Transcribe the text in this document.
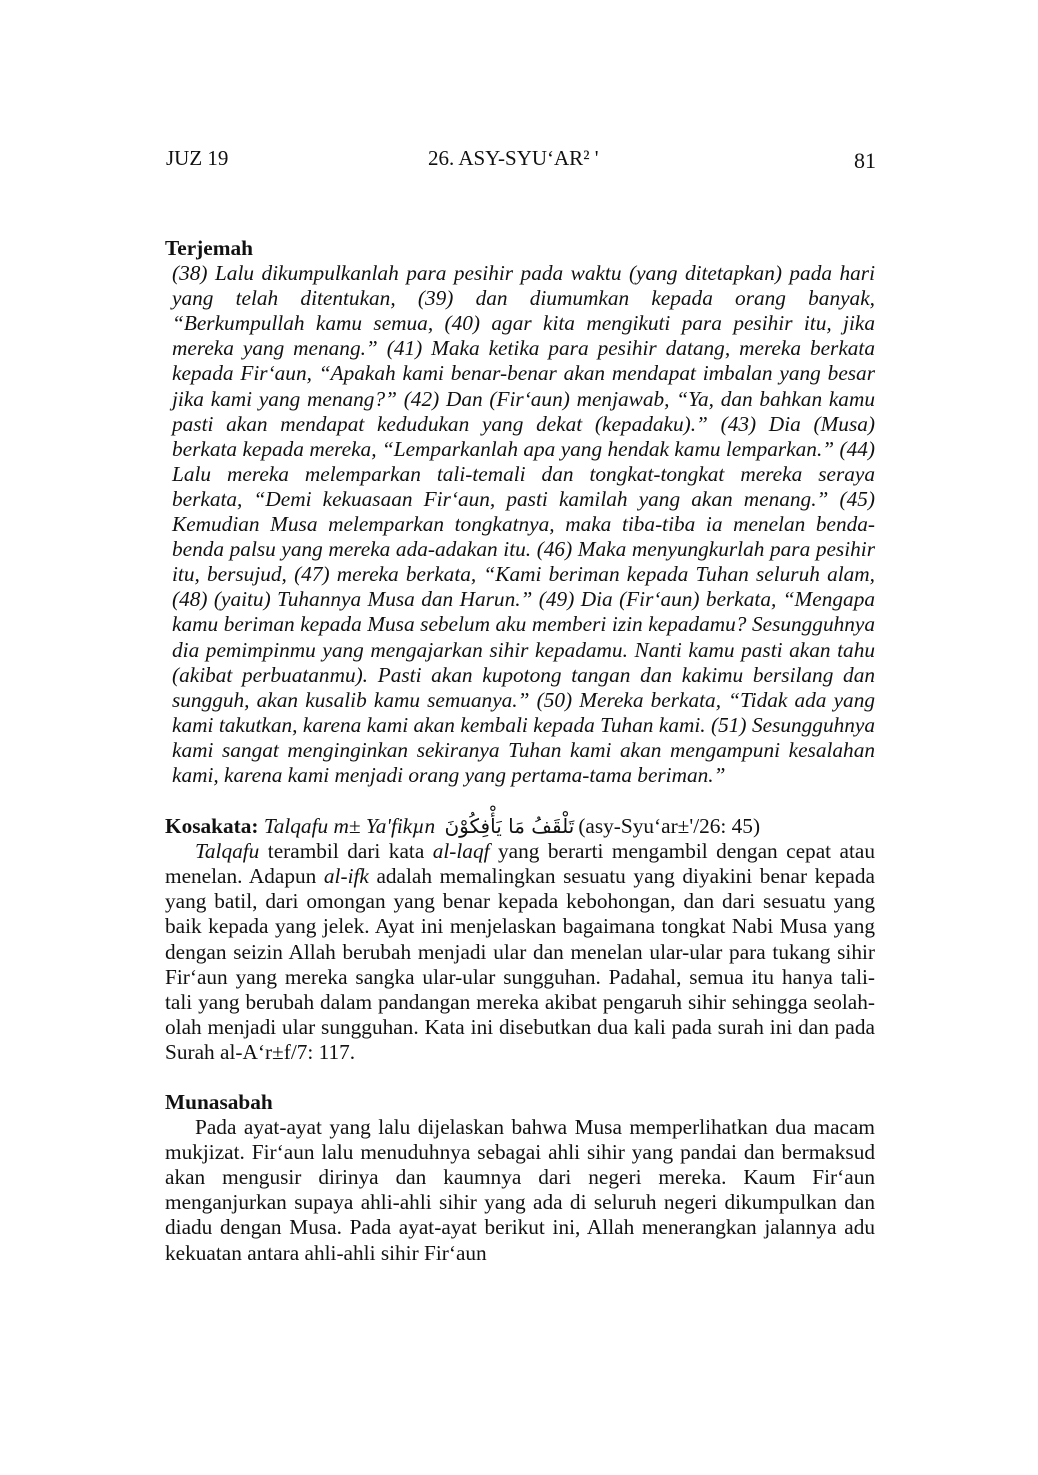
JUZ 19	26. ASY-SYU‘AR² '	81

Terjemah

(38) Lalu dikumpulkanlah para pesihir pada waktu (yang ditetapkan) pada hari yang telah ditentukan, (39) dan diumumkan kepada orang banyak, “Berkumpullah kamu semua, (40) agar kita mengikuti para pesihir itu, jika mereka yang menang.” (41) Maka ketika para pesihir datang, mereka berkata kepada Fir‘aun, “Apakah kami benar-benar akan mendapat imbalan yang besar jika kami yang menang?” (42) Dan (Fir‘aun) menjawab, “Ya, dan bahkan kamu pasti akan mendapat kedudukan yang dekat (kepadaku).” (43) Dia (Musa) berkata kepada mereka, “Lemparkanlah apa yang hendak kamu lemparkan.” (44) Lalu mereka melemparkan tali-temali dan tongkat-tongkat mereka seraya berkata, “Demi kekuasaan Fir‘aun, pasti kamilah yang akan menang.” (45) Kemudian Musa melemparkan tongkatnya, maka tiba-tiba ia menelan benda-benda palsu yang mereka ada-adakan itu. (46) Maka menyungkurlah para pesihir itu, bersujud, (47) mereka berkata, “Kami beriman kepada Tuhan seluruh alam, (48) (yaitu) Tuhannya Musa dan Harun.” (49) Dia (Fir‘aun) berkata, “Mengapa kamu beriman kepada Musa sebelum aku memberi izin kepadamu? Sesungguhnya dia pemimpinmu yang mengajarkan sihir kepadamu. Nanti kamu pasti akan tahu (akibat perbuatanmu). Pasti akan kupotong tangan dan kakimu bersilang dan sungguh, akan kusalib kamu semuanya.” (50) Mereka berkata, “Tidak ada yang kami takutkan, karena kami akan kembali kepada Tuhan kami. (51) Sesungguhnya kami sangat menginginkan sekiranya Tuhan kami akan mengampuni kesalahan kami, karena kami menjadi orang yang pertama-tama beriman.”

Kosakata: Talqafu m± Ya'fikµn تَلْقَفُ مَا يَأْفِكُوْنَ (asy-Syu‘ar±'/26: 45)

Talqafu terambil dari kata al-laqf yang berarti mengambil dengan cepat atau menelan. Adapun al-ifk adalah memalingkan sesuatu yang diyakini benar kepada yang batil, dari omongan yang benar kepada kebohongan, dan dari sesuatu yang baik kepada yang jelek. Ayat ini menjelaskan bagaimana tongkat Nabi Musa yang dengan seizin Allah berubah menjadi ular dan menelan ular-ular para tukang sihir Fir‘aun yang mereka sangka ular-ular sungguhan. Padahal, semua itu hanya tali-tali yang berubah dalam pandangan mereka akibat pengaruh sihir sehingga seolah-olah menjadi ular sungguhan. Kata ini disebutkan dua kali pada surah ini dan pada Surah al-A‘r±f/7: 117.

Munasabah

Pada ayat-ayat yang lalu dijelaskan bahwa Musa memperlihatkan dua macam mukjizat. Fir‘aun lalu menuduhnya sebagai ahli sihir yang pandai dan bermaksud akan mengusir dirinya dan kaumnya dari negeri mereka. Kaum Fir‘aun menganjurkan supaya ahli-ahli sihir yang ada di seluruh negeri dikumpulkan dan diadu dengan Musa. Pada ayat-ayat berikut ini, Allah menerangkan jalannya adu kekuatan antara ahli-ahli sihir Fir‘aun
